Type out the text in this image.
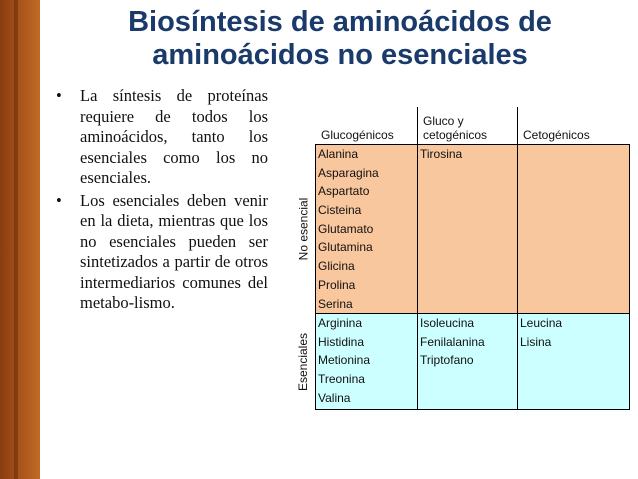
Biosíntesis de aminoácidos de
aminoácidos no esenciales
• La síntesis de proteínas requiere de todos los aminoácidos, tanto los esenciales como los no esenciales.
• Los esenciales deben venir en la dieta, mientras que los no esenciales pueden ser sintetizados a partir de otros intermediarios comunes del metabo-lismo.
Glucogénicos
Gluco y
cetogénicos	Cetogénicos
No esencial
Esenciales
Alanina
Asparagina
Aspartato
Cisteina
Glutamato
Glutamina
Glicina
Prolina
Serina
Tirosina
Arginina
Histidina
Metionina
Treonina
Valina
Isoleucina
Fenilalanina
Triptofano
Leucina
Lisina
